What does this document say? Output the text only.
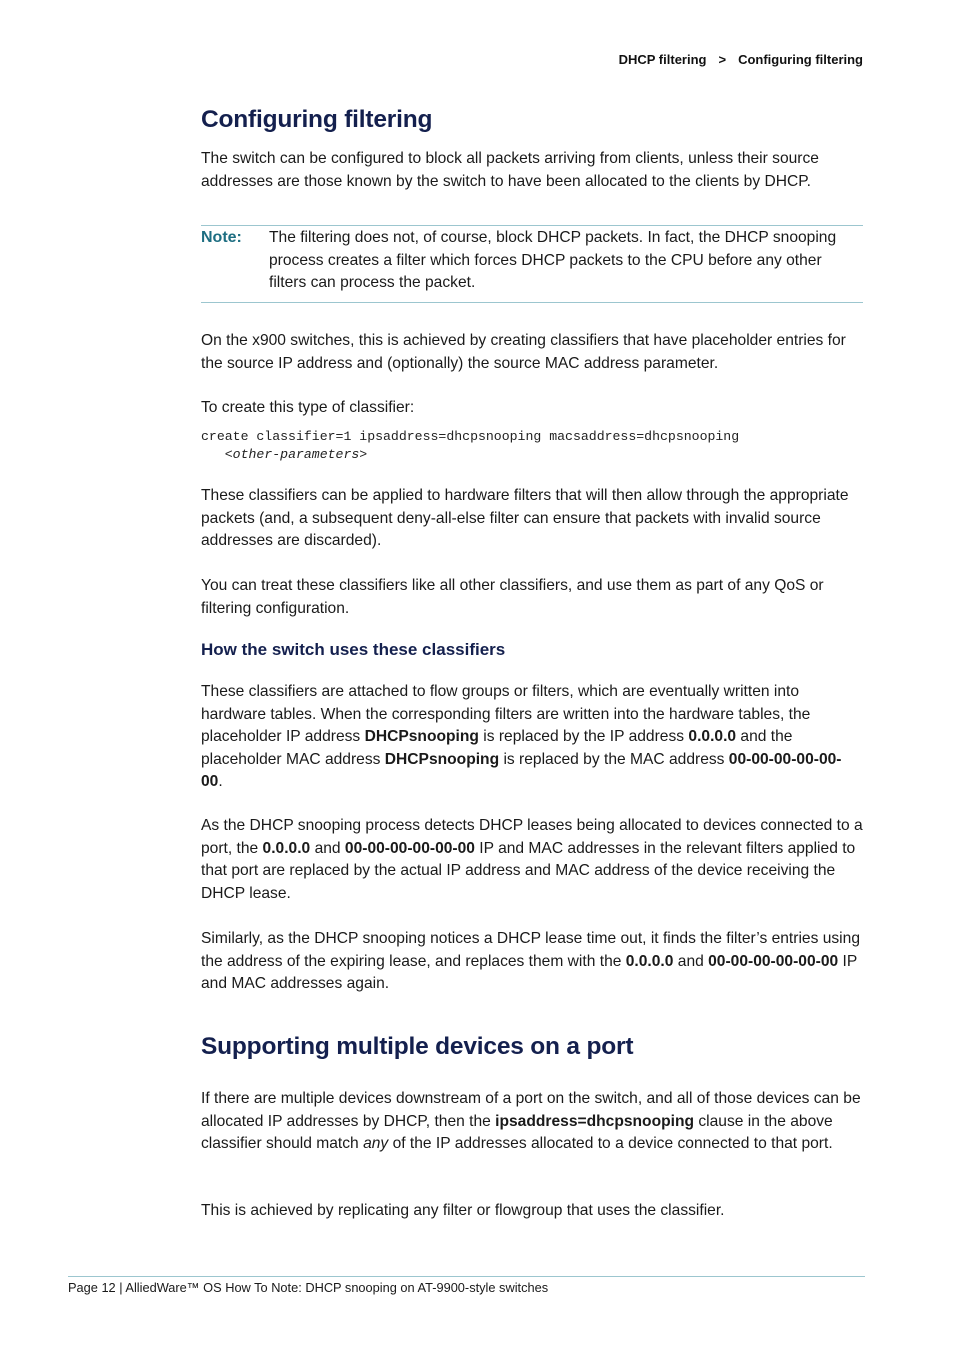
DHCP filtering > Configuring filtering
Configuring filtering

The switch can be configured to block all packets arriving from clients, unless their source addresses are those known by the switch to have been allocated to the clients by DHCP.

Note: The filtering does not, of course, block DHCP packets. In fact, the DHCP snooping process creates a filter which forces DHCP packets to the CPU before any other filters can process the packet.

On the x900 switches, this is achieved by creating classifiers that have placeholder entries for the source IP address and (optionally) the source MAC address parameter.

To create this type of classifier:

create classifier=1 ipsaddress=dhcpsnooping macsaddress=dhcpsnooping
<other-parameters>

These classifiers can be applied to hardware filters that will then allow through the appropriate packets (and, a subsequent deny-all-else filter can ensure that packets with invalid source addresses are discarded).

You can treat these classifiers like all other classifiers, and use them as part of any QoS or filtering configuration.

How the switch uses these classifiers

These classifiers are attached to flow groups or filters, which are eventually written into hardware tables. When the corresponding filters are written into the hardware tables, the placeholder IP address DHCPsnooping is replaced by the IP address 0.0.0.0 and the placeholder MAC address DHCPsnooping is replaced by the MAC address 00-00-00-00-00-00.

As the DHCP snooping process detects DHCP leases being allocated to devices connected to a port, the 0.0.0.0 and 00-00-00-00-00-00 IP and MAC addresses in the relevant filters applied to that port are replaced by the actual IP address and MAC address of the device receiving the DHCP lease.

Similarly, as the DHCP snooping notices a DHCP lease time out, it finds the filter’s entries using the address of the expiring lease, and replaces them with the 0.0.0.0 and 00-00-00-00-00-00 IP and MAC addresses again.

Supporting multiple devices on a port

If there are multiple devices downstream of a port on the switch, and all of those devices can be allocated IP addresses by DHCP, then the ipsaddress=dhcpsnooping clause in the above classifier should match any of the IP addresses allocated to a device connected to that port.

This is achieved by replicating any filter or flowgroup that uses the classifier.

Page 12 | AlliedWare™ OS How To Note: DHCP snooping on AT-9900-style switches
